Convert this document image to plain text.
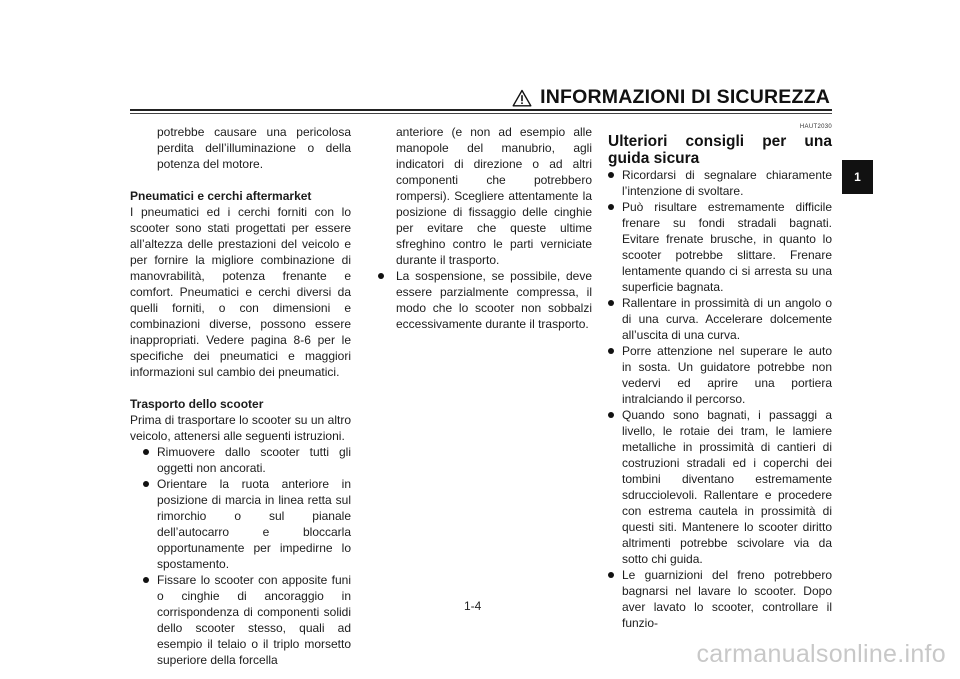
INFORMAZIONI DI SICUREZZA

potrebbe causare una pericolosa perdita dell’illuminazione o della potenza del motore.

Pneumatici e cerchi aftermarket

I pneumatici ed i cerchi forniti con lo scooter sono stati progettati per essere all’altezza delle prestazioni del veicolo e per fornire la migliore combinazione di manovrabilità, potenza frenante e comfort. Pneumatici e cerchi diversi da quelli forniti, o con dimensioni e combinazioni diverse, possono essere inappropriati. Vedere pagina 8-6 per le specifiche dei pneumatici e maggiori informazioni sul cambio dei pneumatici.

Trasporto dello scooter

Prima di trasportare lo scooter su un altro veicolo, attenersi alle seguenti istruzioni.

Rimuovere dallo scooter tutti gli oggetti non ancorati.
Orientare la ruota anteriore in posizione di marcia in linea retta sul rimorchio o sul pianale dell’autocarro e bloccarla opportunamente per impedirne lo spostamento.
Fissare lo scooter con apposite funi o cinghie di ancoraggio in corrispondenza di componenti solidi dello scooter stesso, quali ad esempio il telaio o il triplo morsetto superiore della forcella

anteriore (e non ad esempio alle manopole del manubrio, agli indicatori di direzione o ad altri componenti che potrebbero rompersi). Scegliere attentamente la posizione di fissaggio delle cinghie per evitare che queste ultime sfreghino contro le parti verniciate durante il trasporto.

La sospensione, se possibile, deve essere parzialmente compressa, il modo che lo scooter non sobbalzi eccessivamente durante il trasporto.
HAUT2030

Ulteriori consigli per una guida sicura

Ricordarsi di segnalare chiaramente l’intenzione di svoltare.
Può risultare estremamente difficile frenare su fondi stradali bagnati. Evitare frenate brusche, in quanto lo scooter potrebbe slittare. Frenare lentamente quando ci si arresta su una superficie bagnata.
Rallentare in prossimità di un angolo o di una curva. Accelerare dolcemente all’uscita di una curva.
Porre attenzione nel superare le auto in sosta. Un guidatore potrebbe non vedervi ed aprire una portiera intralciando il percorso.
Quando sono bagnati, i passaggi a livello, le rotaie dei tram, le lamiere metalliche in prossimità di cantieri di costruzioni stradali ed i coperchi dei tombini diventano estremamente sdrucciolevoli. Rallentare e procedere con estrema cautela in prossimità di questi siti. Mantenere lo scooter diritto altrimenti potrebbe scivolare via da sotto chi guida.
Le guarnizioni del freno potrebbero bagnarsi nel lavare lo scooter. Dopo aver lavato lo scooter, controllare il funzio-
1
1-4
carmanualsonline.info
